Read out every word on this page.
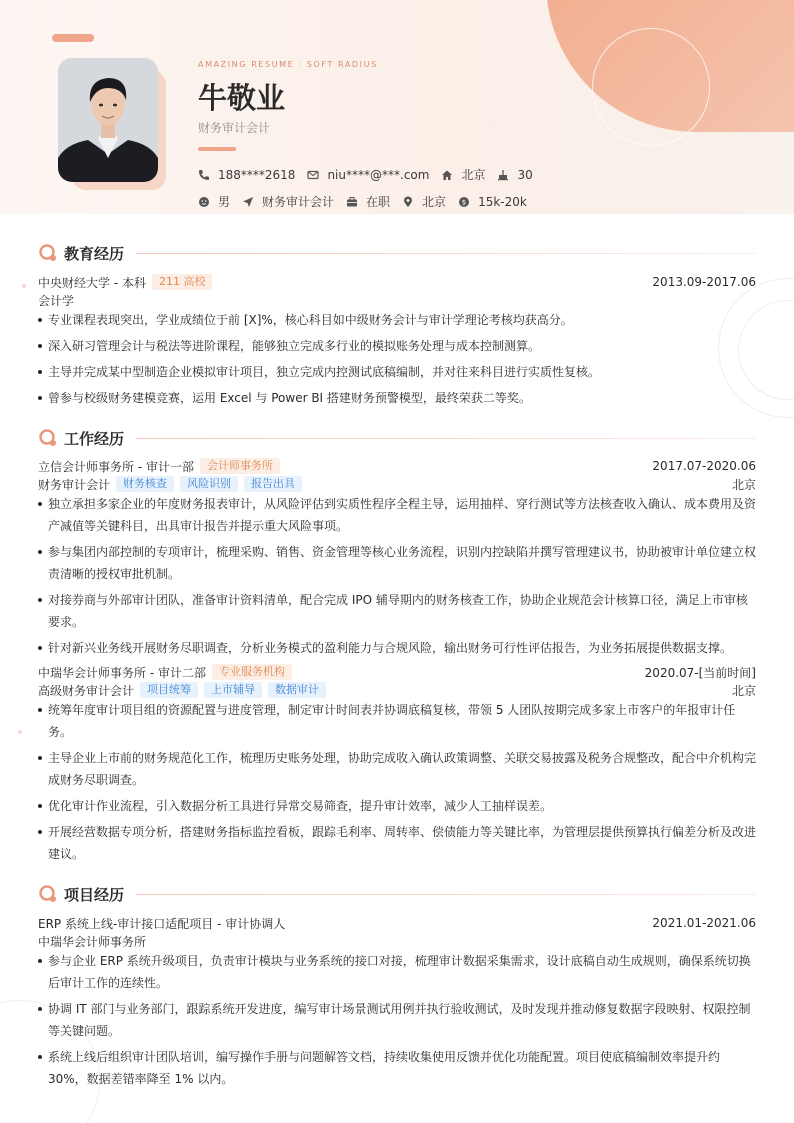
AMAZING RESUME · SOFT RADIUS
牛敬业
财务审计会计
188****2618	niu****@***.com	北京	30
男	财务审计会计	在职	北京 $ 15k-20k
教育经历
中央财经大学 - 本科	211 高校	2013.09-2017.06
会计学
专业课程表现突出，学业成绩位于前 [X]%，核心科目如中级财务会计与审计学理论考核均获高分。
深入研习管理会计与税法等进阶课程，能够独立完成多行业的模拟账务处理与成本控制测算。
主导并完成某中型制造企业模拟审计项目，独立完成内控测试底稿编制，并对往来科目进行实质性复核。
曾参与校级财务建模竞赛，运用 Excel 与 Power BI 搭建财务预警模型，最终荣获二等奖。
工作经历
立信会计师事务所 - 审计一部	会计师事务所	2017.07-2020.06
财务审计会计	财务核查	风险识别	报告出具	北京
独立承担多家企业的年度财务报表审计，从风险评估到实质性程序全程主导，运用抽样、穿行测试等方法核查收入确认、成本费用及资产减值等关键科目，出具审计报告并提示重大风险事项。
参与集团内部控制的专项审计，梳理采购、销售、资金管理等核心业务流程，识别内控缺陷并撰写管理建议书，协助被审计单位建立权责清晰的授权审批机制。
对接券商与外部审计团队，准备审计资料清单，配合完成 IPO 辅导期内的财务核查工作，协助企业规范会计核算口径，满足上市审核要求。
针对新兴业务线开展财务尽职调查，分析业务模式的盈利能力与合规风险，输出财务可行性评估报告，为业务拓展提供数据支撑。
中瑞华会计师事务所 - 审计二部	专业服务机构	2020.07-[当前时间]
高级财务审计会计	项目统筹	上市辅导	数据审计	北京
统筹年度审计项目组的资源配置与进度管理，制定审计时间表并协调底稿复核，带领 5 人团队按期完成多家上市客户的年报审计任务。
主导企业上市前的财务规范化工作，梳理历史账务处理，协助完成收入确认政策调整、关联交易披露及税务合规整改，配合中介机构完成财务尽职调查。
优化审计作业流程，引入数据分析工具进行异常交易筛查，提升审计效率，减少人工抽样误差。
开展经营数据专项分析，搭建财务指标监控看板，跟踪毛利率、周转率、偿债能力等关键比率，为管理层提供预算执行偏差分析及改进建议。
项目经历
ERP 系统上线-审计接口适配项目 - 审计协调人	2021.01-2021.06
中瑞华会计师事务所
参与企业 ERP 系统升级项目，负责审计模块与业务系统的接口对接，梳理审计数据采集需求，设计底稿自动生成规则，确保系统切换后审计工作的连续性。
协调 IT 部门与业务部门，跟踪系统开发进度，编写审计场景测试用例并执行验收测试，及时发现并推动修复数据字段映射、权限控制等关键问题。
系统上线后组织审计团队培训，编写操作手册与问题解答文档，持续收集使用反馈并优化功能配置。项目使底稿编制效率提升约 30%，数据差错率降至 1% 以内。
